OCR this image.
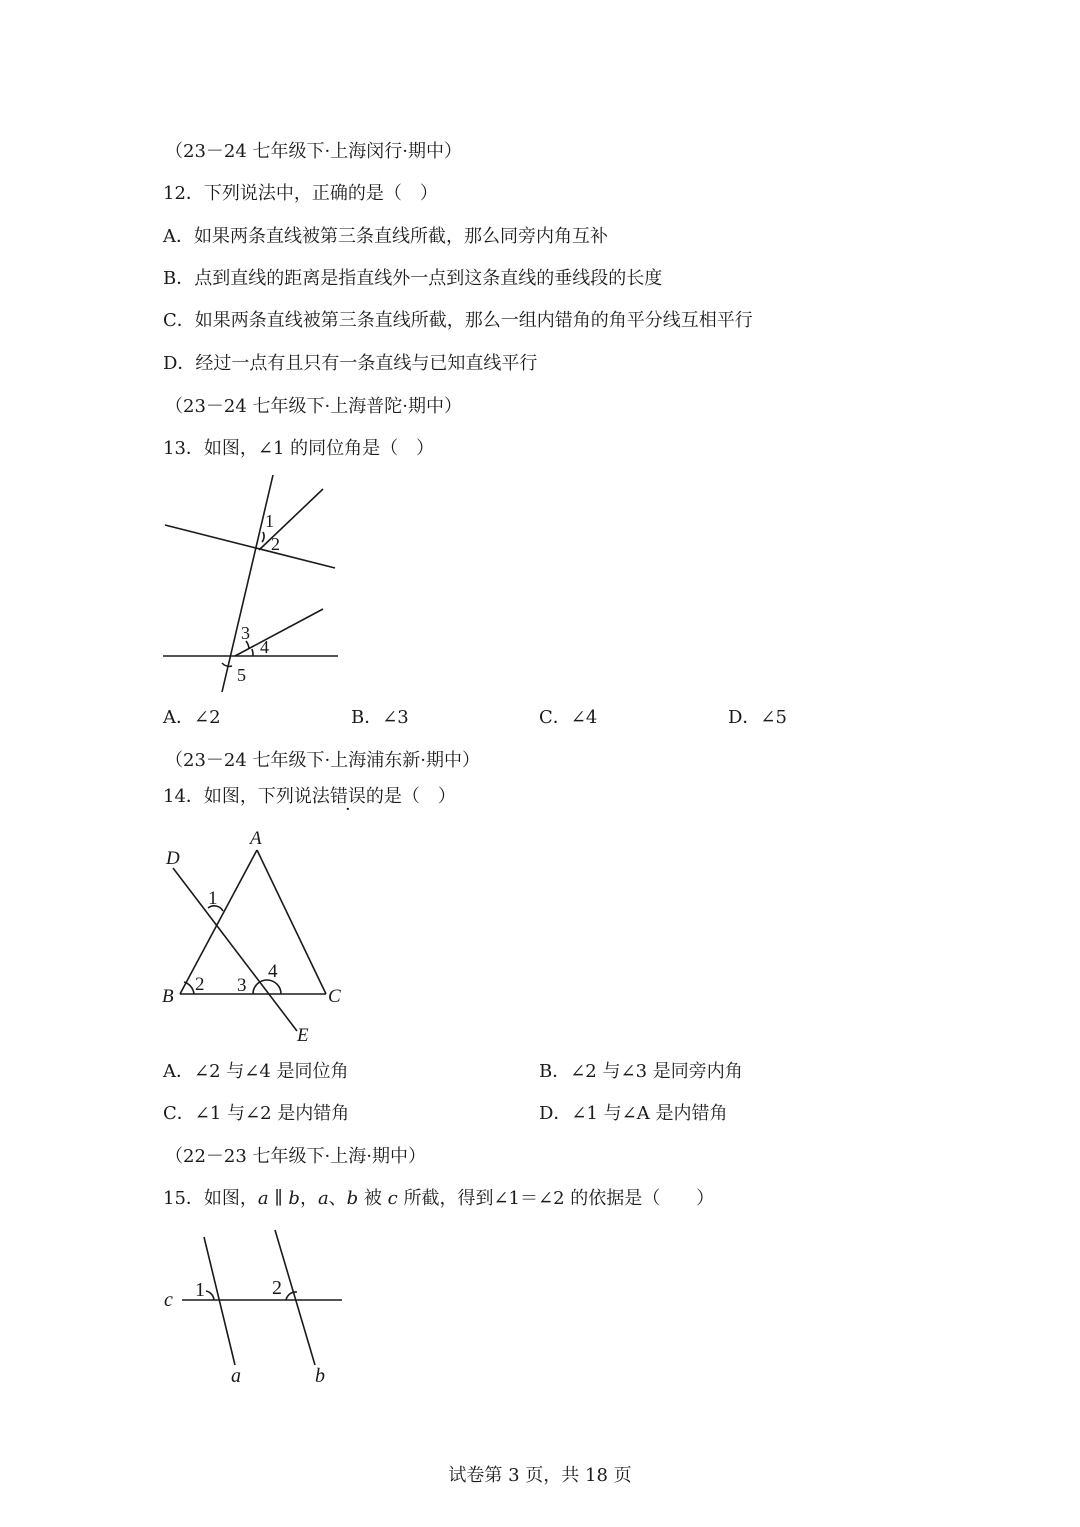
（23－24 七年级下·上海闵行·期中）
12．下列说法中，正确的是（　）
A．如果两条直线被第三条直线所截，那么同旁内角互补
B．点到直线的距离是指直线外一点到这条直线的垂线段的长度
C．如果两条直线被第三条直线所截，那么一组内错角的角平分线互相平行
D．经过一点有且只有一条直线与已知直线平行
（23－24 七年级下·上海普陀·期中）
13．如图，∠1 的同位角是（　）
1
2
3
4
5
A．∠2	B．∠3	C．∠4	D．∠5
（23－24 七年级下·上海浦东新·期中）
14．如图，下列说法错误的是（　）
A
D
B	C
E
1
2 3
4
A．∠2 与∠4 是同位角	B．∠2 与∠3 是同旁内角
C．∠1 与∠2 是内错角	D．∠1 与∠A 是内错角
（22－23 七年级下·上海·期中）
15．如图，a ∥ b，a、b 被 c 所截，得到∠1＝∠2 的依据是（　　）
c
a	b
1	2
试卷第 3 页，共 18 页
